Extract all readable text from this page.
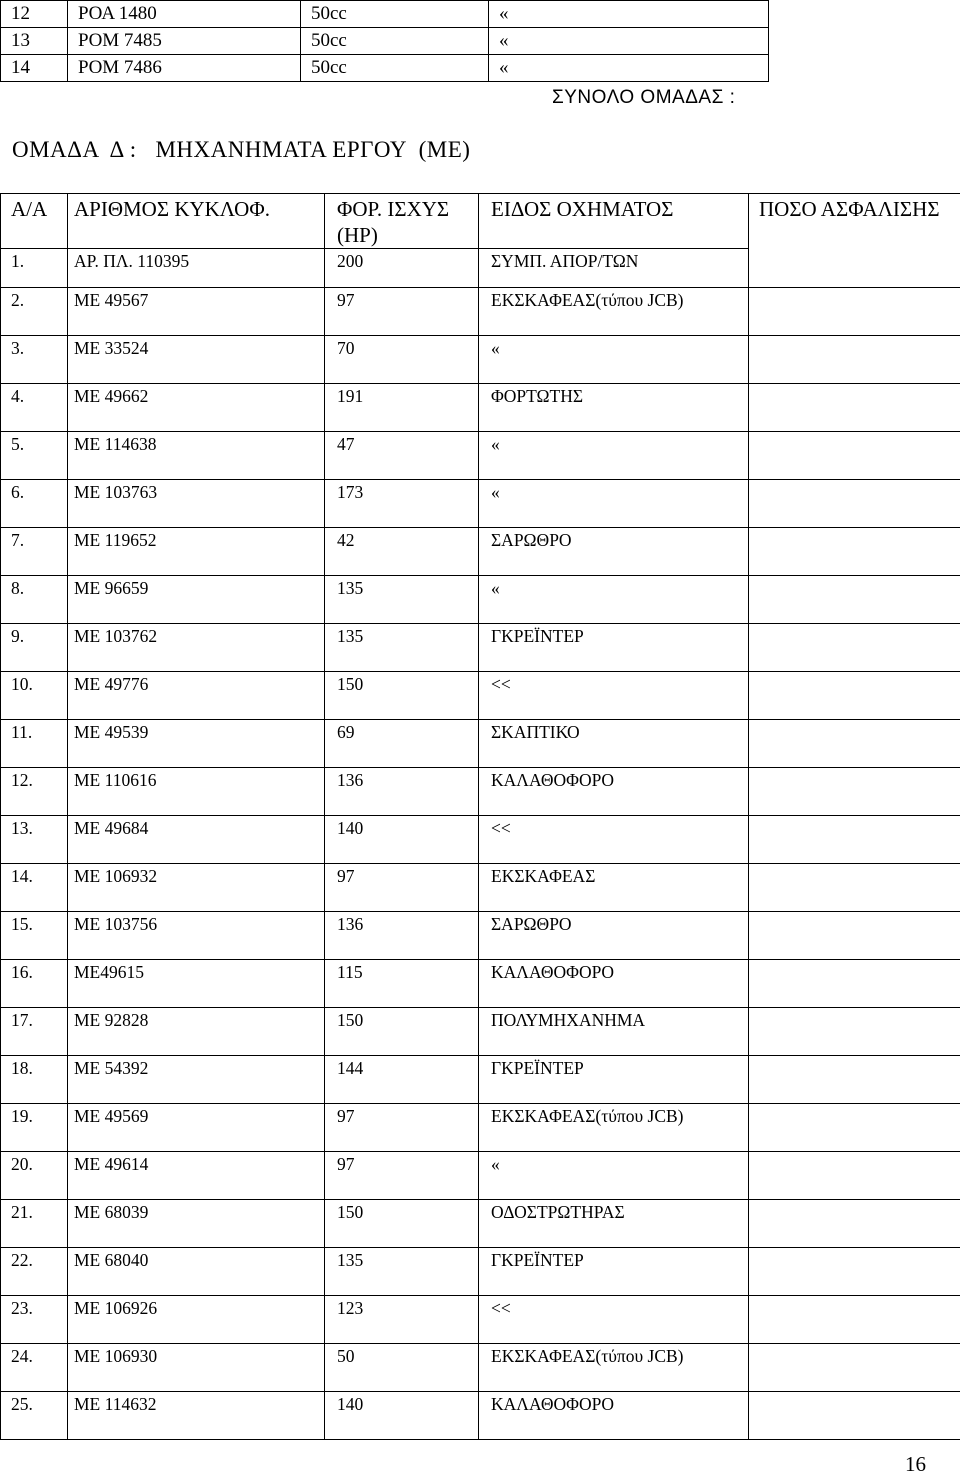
12	ΡΟΑ 1480	50cc	«
13	ΡΟΜ 7485	50cc	«
14	ΡΟΜ 7486	50cc	«
ΣΥΝΟΛΟ ΟΜΑΔΑΣ :
ΟΜΑΔΑ  Δ :   ΜΗΧΑΝΗΜΑΤΑ ΕΡΓΟΥ  (ΜΕ)
Α/Α	ΑΡΙΘΜΟΣ ΚΥΚΛΟΦ.	ΦΟΡ. ΙΣΧΥΣ (HP)	ΕΙΔΟΣ ΟΧΗΜΑΤΟΣ	ΠΟΣΟ ΑΣΦΑΛΙΣΗΣ
1.	ΑΡ. ΠΛ. 110395	200	ΣΥΜΠ. ΑΠΟΡ/ΤΩΝ	
2.	ΜΕ 49567	97	ΕΚΣΚΑΦΕΑΣ(τύπου JCB)	
3.	ΜΕ 33524	70	«	
4.	ΜΕ 49662	191	ΦΟΡΤΩΤΗΣ	
5.	ΜΕ 114638	47	«	
6.	ΜΕ 103763	173	«	
7.	ΜΕ 119652	42	ΣΑΡΩΘΡΟ	
8.	ΜΕ 96659	135	«	
9.	ΜΕ 103762	135	ΓΚΡΕΪΝΤΕΡ	
10.	ΜΕ 49776	150	<<	
11.	ΜΕ 49539	69	ΣΚΑΠΤΙΚΟ	
12.	ΜΕ 110616	136	ΚΑΛΑΘΟΦΟΡΟ	
13.	ΜΕ 49684	140	<<	
14.	ΜΕ 106932	97	ΕΚΣΚΑΦΕΑΣ	
15.	ΜΕ 103756	136	ΣΑΡΩΘΡΟ	
16.	ΜΕ49615	115	ΚΑΛΑΘΟΦΟΡΟ	
17.	ΜΕ 92828	150	ΠΟΛΥΜΗΧΑΝΗΜΑ	
18.	ΜΕ 54392	144	ΓΚΡΕΪΝΤΕΡ	
19.	ΜΕ 49569	97	ΕΚΣΚΑΦΕΑΣ(τύπου JCB)	
20.	ΜΕ 49614	97	«	
21.	ΜΕ 68039	150	ΟΔΟΣΤΡΩΤΗΡΑΣ	
22.	ΜΕ 68040	135	ΓΚΡΕΪΝΤΕΡ	
23.	ΜΕ 106926	123	<<	
24.	ΜΕ 106930	50	ΕΚΣΚΑΦΕΑΣ(τύπου JCB)	
25.	ΜΕ 114632	140	ΚΑΛΑΘΟΦΟΡΟ	
16
